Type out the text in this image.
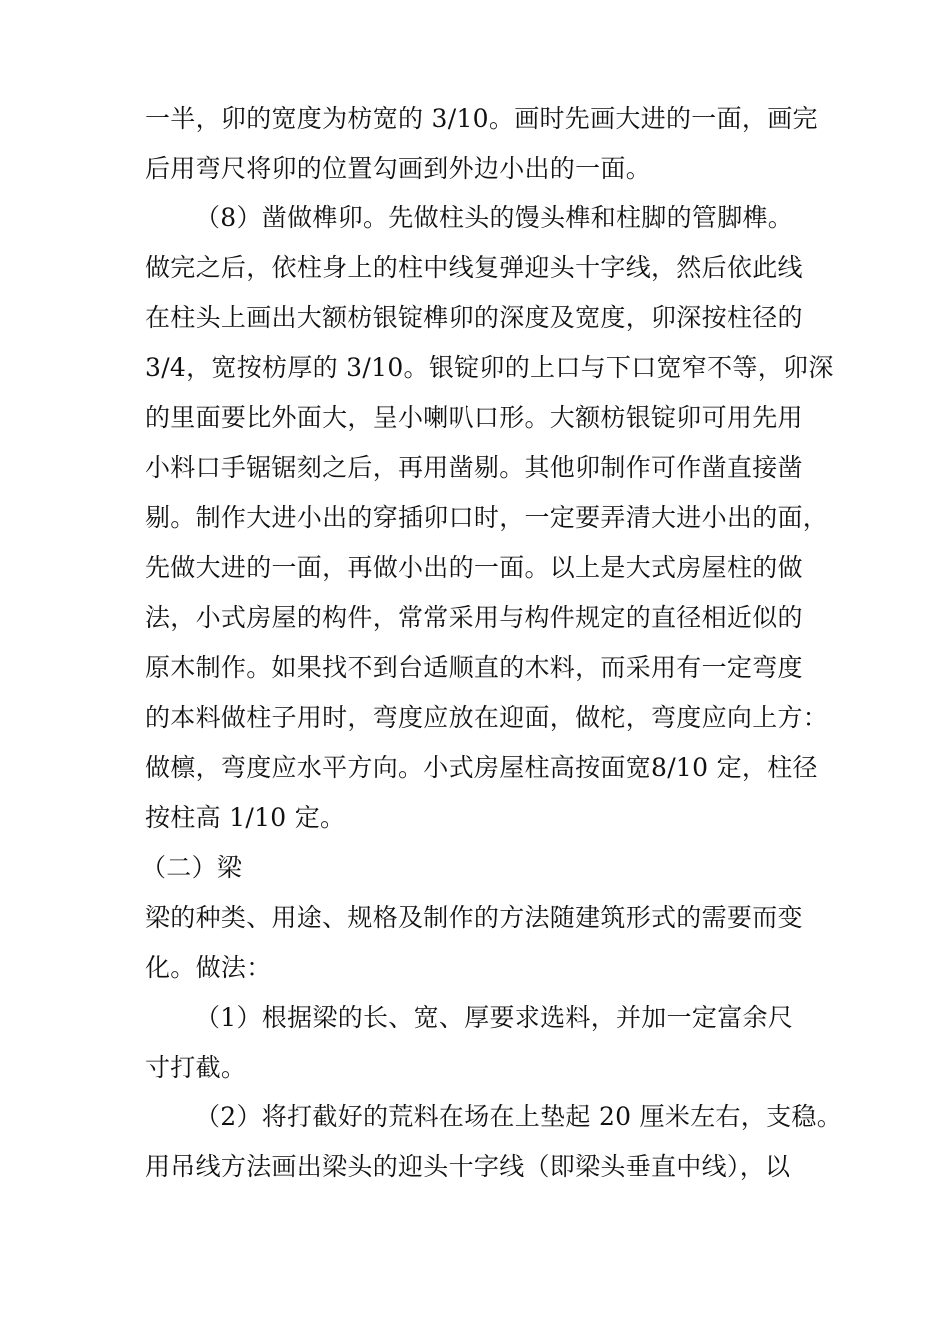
一半，卯的宽度为枋宽的 3/10。画时先画大进的一面，画完
后用弯尺将卯的位置勾画到外边小出的一面。
（8）凿做榫卯。先做柱头的馒头榫和柱脚的管脚榫。
做完之后，依柱身上的柱中线复弹迎头十字线，然后依此线
在柱头上画出大额枋银锭榫卯的深度及宽度，卯深按柱径的
3/4，宽按枋厚的 3/10。银锭卯的上口与下口宽窄不等，卯深
的里面要比外面大，呈小喇叭口形。大额枋银锭卯可用先用
小料口手锯锯刻之后，再用凿剔。其他卯制作可作凿直接凿
剔。制作大进小出的穿插卯口时，一定要弄清大进小出的面，
先做大进的一面，再做小出的一面。以上是大式房屋柱的做
法，小式房屋的构件，常常采用与构件规定的直径相近似的
原木制作。如果找不到台适顺直的木料，而采用有一定弯度
的本料做柱子用时，弯度应放在迎面，做柁，弯度应向上方：
做檩，弯度应水平方向。小式房屋柱高按面宽8/10 定，柱径
按柱高 1/10 定。
（二）梁
梁的种类、用途、规格及制作的方法随建筑形式的需要而变
化。做法：
（1）根据梁的长、宽、厚要求选料，并加一定富余尺
寸打截。
（2）将打截好的荒料在场在上垫起 20 厘米左右，支稳。
用吊线方法画出梁头的迎头十字线（即梁头垂直中线），以
